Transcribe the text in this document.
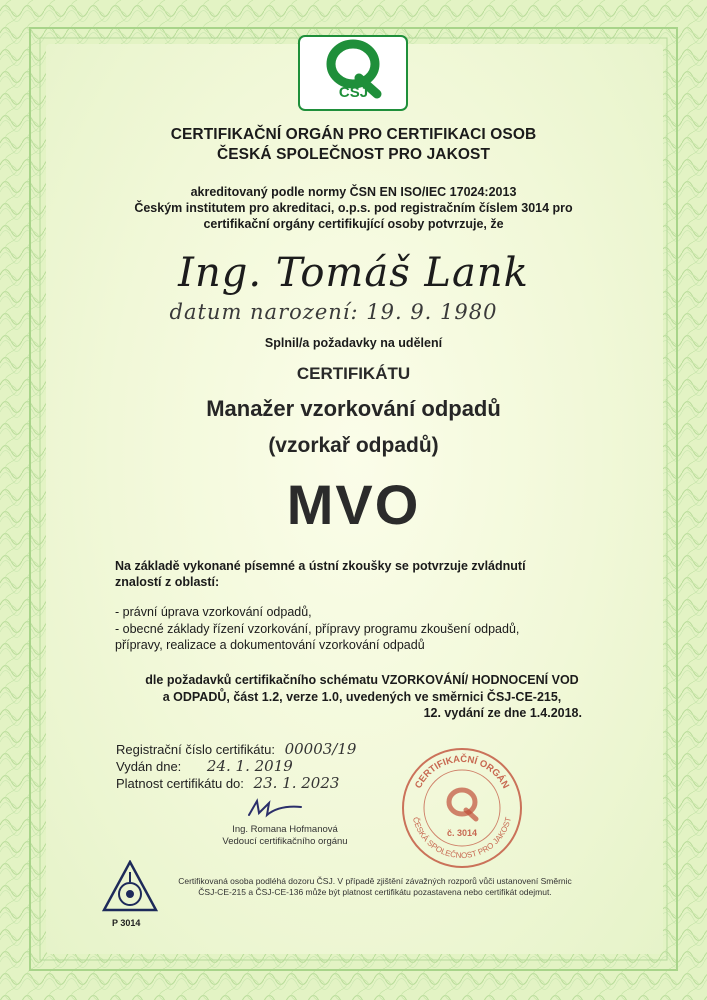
ČSJ
CERTIFIKAČNÍ ORGÁN PRO CERTIFIKACI OSOB
ČESKÁ SPOLEČNOST PRO JAKOST
akreditovaný podle normy ČSN EN ISO/IEC 17024:2013
Českým institutem pro akreditaci, o.p.s. pod registračním číslem 3014 pro
certifikační orgány certifikující osoby potvrzuje, že
Ing. Tomáš Lank
datum narození: 19. 9. 1980
Splnil/a požadavky na udělení
CERTIFIKÁTU
Manažer vzorkování odpadů
(vzorkař odpadů)
MVO
Na základě vykonané písemné a ústní zkoušky se potvrzuje zvládnutí
znalostí z oblastí:
- právní úprava vzorkování odpadů,
- obecné základy řízení vzorkování, přípravy programu zkoušení odpadů,
přípravy, realizace a dokumentování vzorkování odpadů
dle požadavků certifikačního schématu VZORKOVÁNÍ/ HODNOCENÍ VOD
a ODPADŮ, část 1.2, verze 1.0, uvedených ve směrnici ČSJ-CE-215,
12. vydání ze dne 1.4.2018.
Registrační číslo certifikátu: 00003/19
Vydán dne: 24. 1. 2019
Platnost certifikátu do: 23. 1. 2023
Ing. Romana Hofmanová
Vedoucí certifikačního orgánu
CERTIFIKAČNÍ ORGÁN
ČESKÁ SPOLEČNOST PRO JAKOST
č. 3014
P 3014
Certifikovaná osoba podléhá dozoru ČSJ. V případě zjištění závažných rozporů vůči ustanovení Směrnic
ČSJ-CE-215 a ČSJ-CE-136 může být platnost certifikátu pozastavena nebo certifikát odejmut.
